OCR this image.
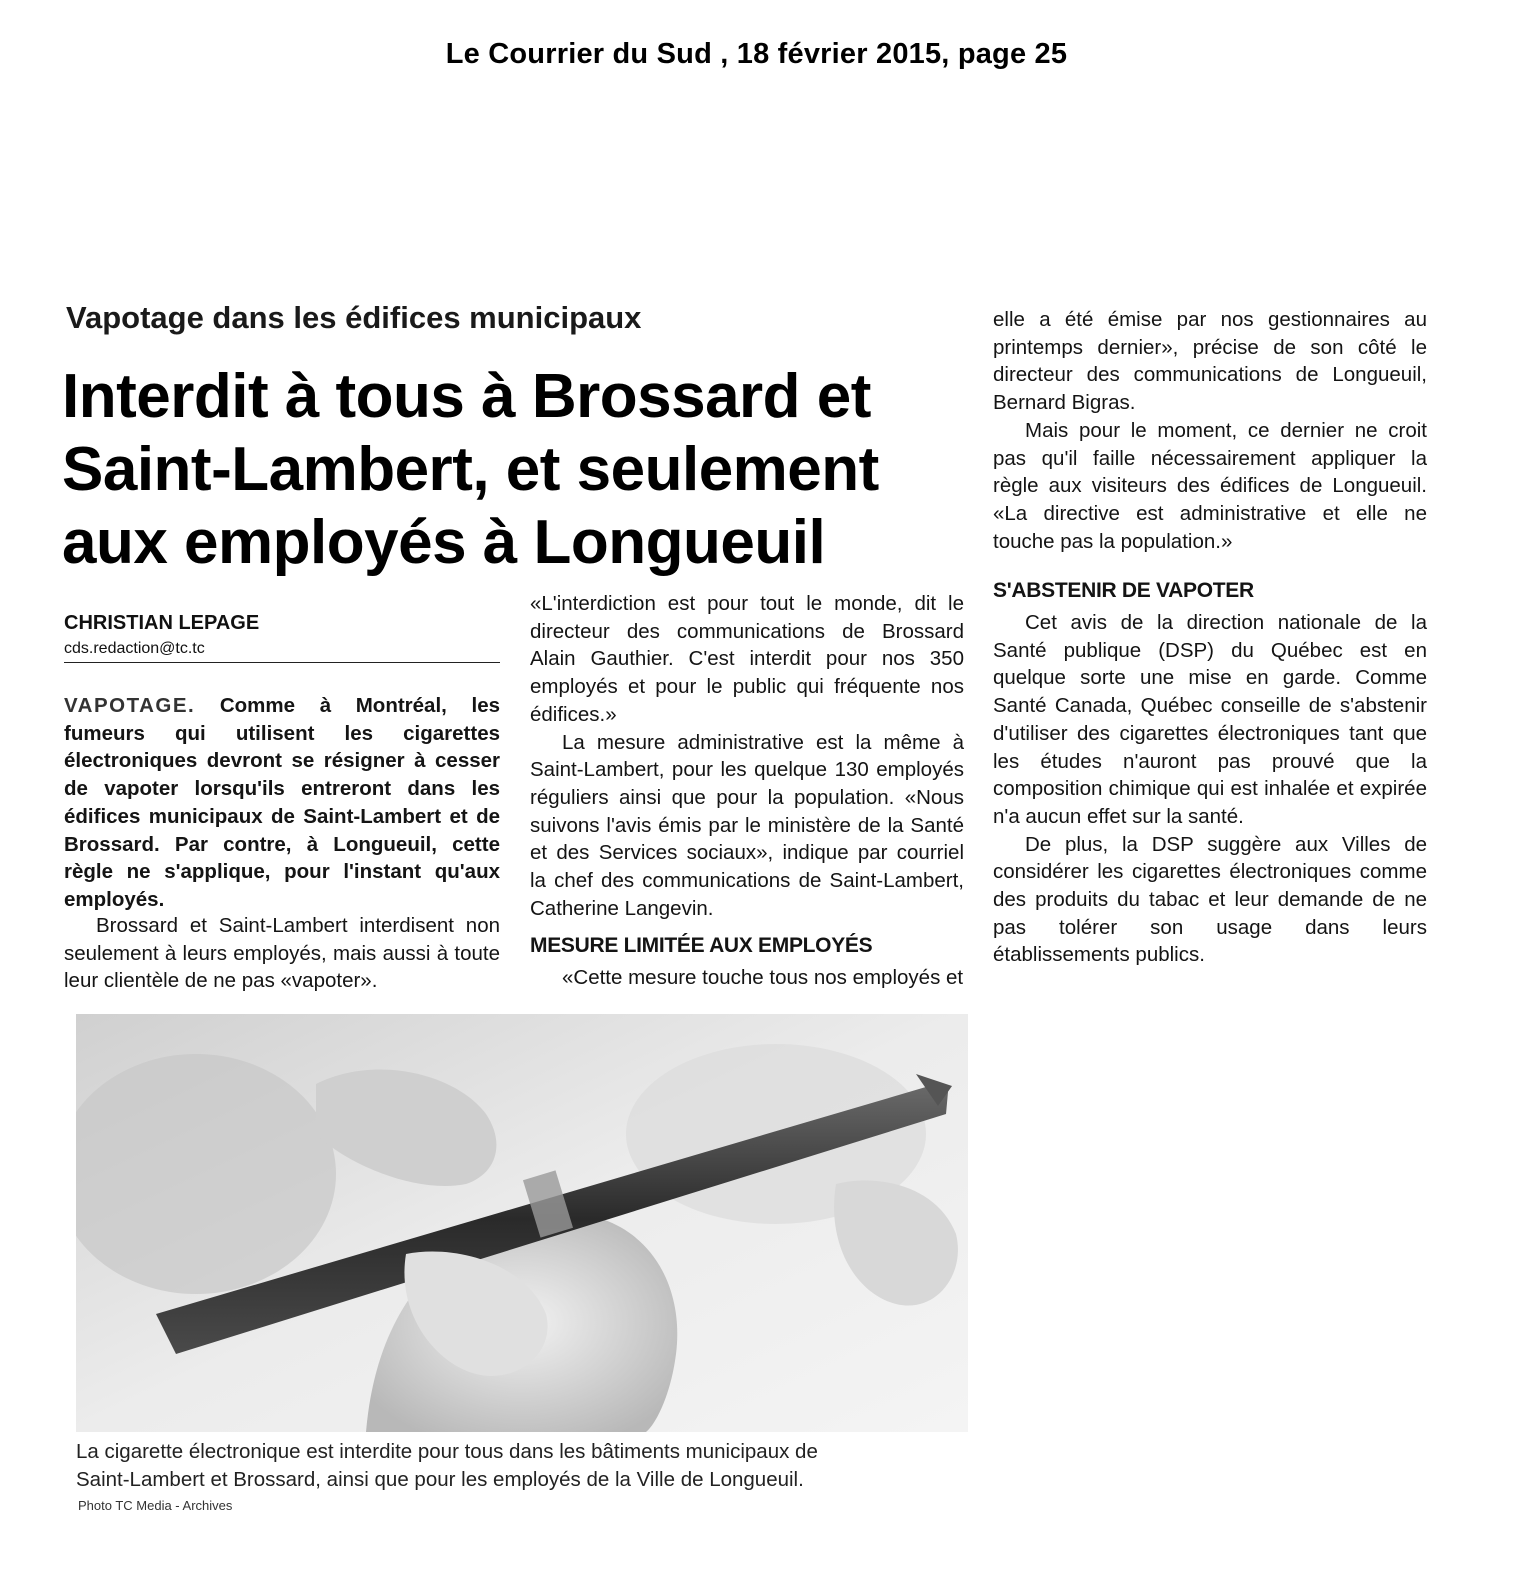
Le Courrier du Sud , 18 février 2015, page 25
Vapotage dans les édifices municipaux
Interdit à tous à Brossard et
Saint-Lambert, et seulement
aux employés à Longueuil
CHRISTIAN LEPAGE
cds.redaction@tc.tc

VAPOTAGE. Comme à Montréal, les fumeurs qui utilisent les cigarettes électroniques devront se résigner à cesser de vapoter lorsqu'ils entreront dans les édifices municipaux de Saint-Lambert et de Brossard. Par contre, à Longueuil, cette règle ne s'applique, pour l'instant qu'aux employés.

Brossard et Saint-Lambert interdisent non seulement à leurs employés, mais aussi à toute leur clientèle de ne pas «vapoter».

«L'interdiction est pour tout le monde, dit le directeur des communications de Brossard Alain Gauthier. C'est interdit pour nos 350 employés et pour le public qui fréquente nos édifices.»

La mesure administrative est la même à Saint-Lambert, pour les quelque 130 employés réguliers ainsi que pour la population. «Nous suivons l'avis émis par le ministère de la Santé et des Services sociaux», indique par courriel la chef des communications de Saint-Lambert, Catherine Langevin.

MESURE LIMITÉE AUX EMPLOYÉS

«Cette mesure touche tous nos employés et

elle a été émise par nos gestionnaires au printemps dernier», précise de son côté le directeur des communications de Longueuil, Bernard Bigras.

Mais pour le moment, ce dernier ne croit pas qu'il faille nécessairement appliquer la règle aux visiteurs des édifices de Longueuil. «La directive est administrative et elle ne touche pas la population.»

S'ABSTENIR DE VAPOTER

Cet avis de la direction nationale de la Santé publique (DSP) du Québec est en quelque sorte une mise en garde. Comme Santé Canada, Québec conseille de s'abstenir d'utiliser des cigarettes électroniques tant que les études n'auront pas prouvé que la composition chimique qui est inhalée et expirée n'a aucun effet sur la santé.

De plus, la DSP suggère aux Villes de considérer les cigarettes électroniques comme des produits du tabac et leur demande de ne pas tolérer son usage dans leurs établissements publics.

La cigarette électronique est interdite pour tous dans les bâtiments municipaux de
Saint-Lambert et Brossard, ainsi que pour les employés de la Ville de Longueuil.
Photo TC Media - Archives
